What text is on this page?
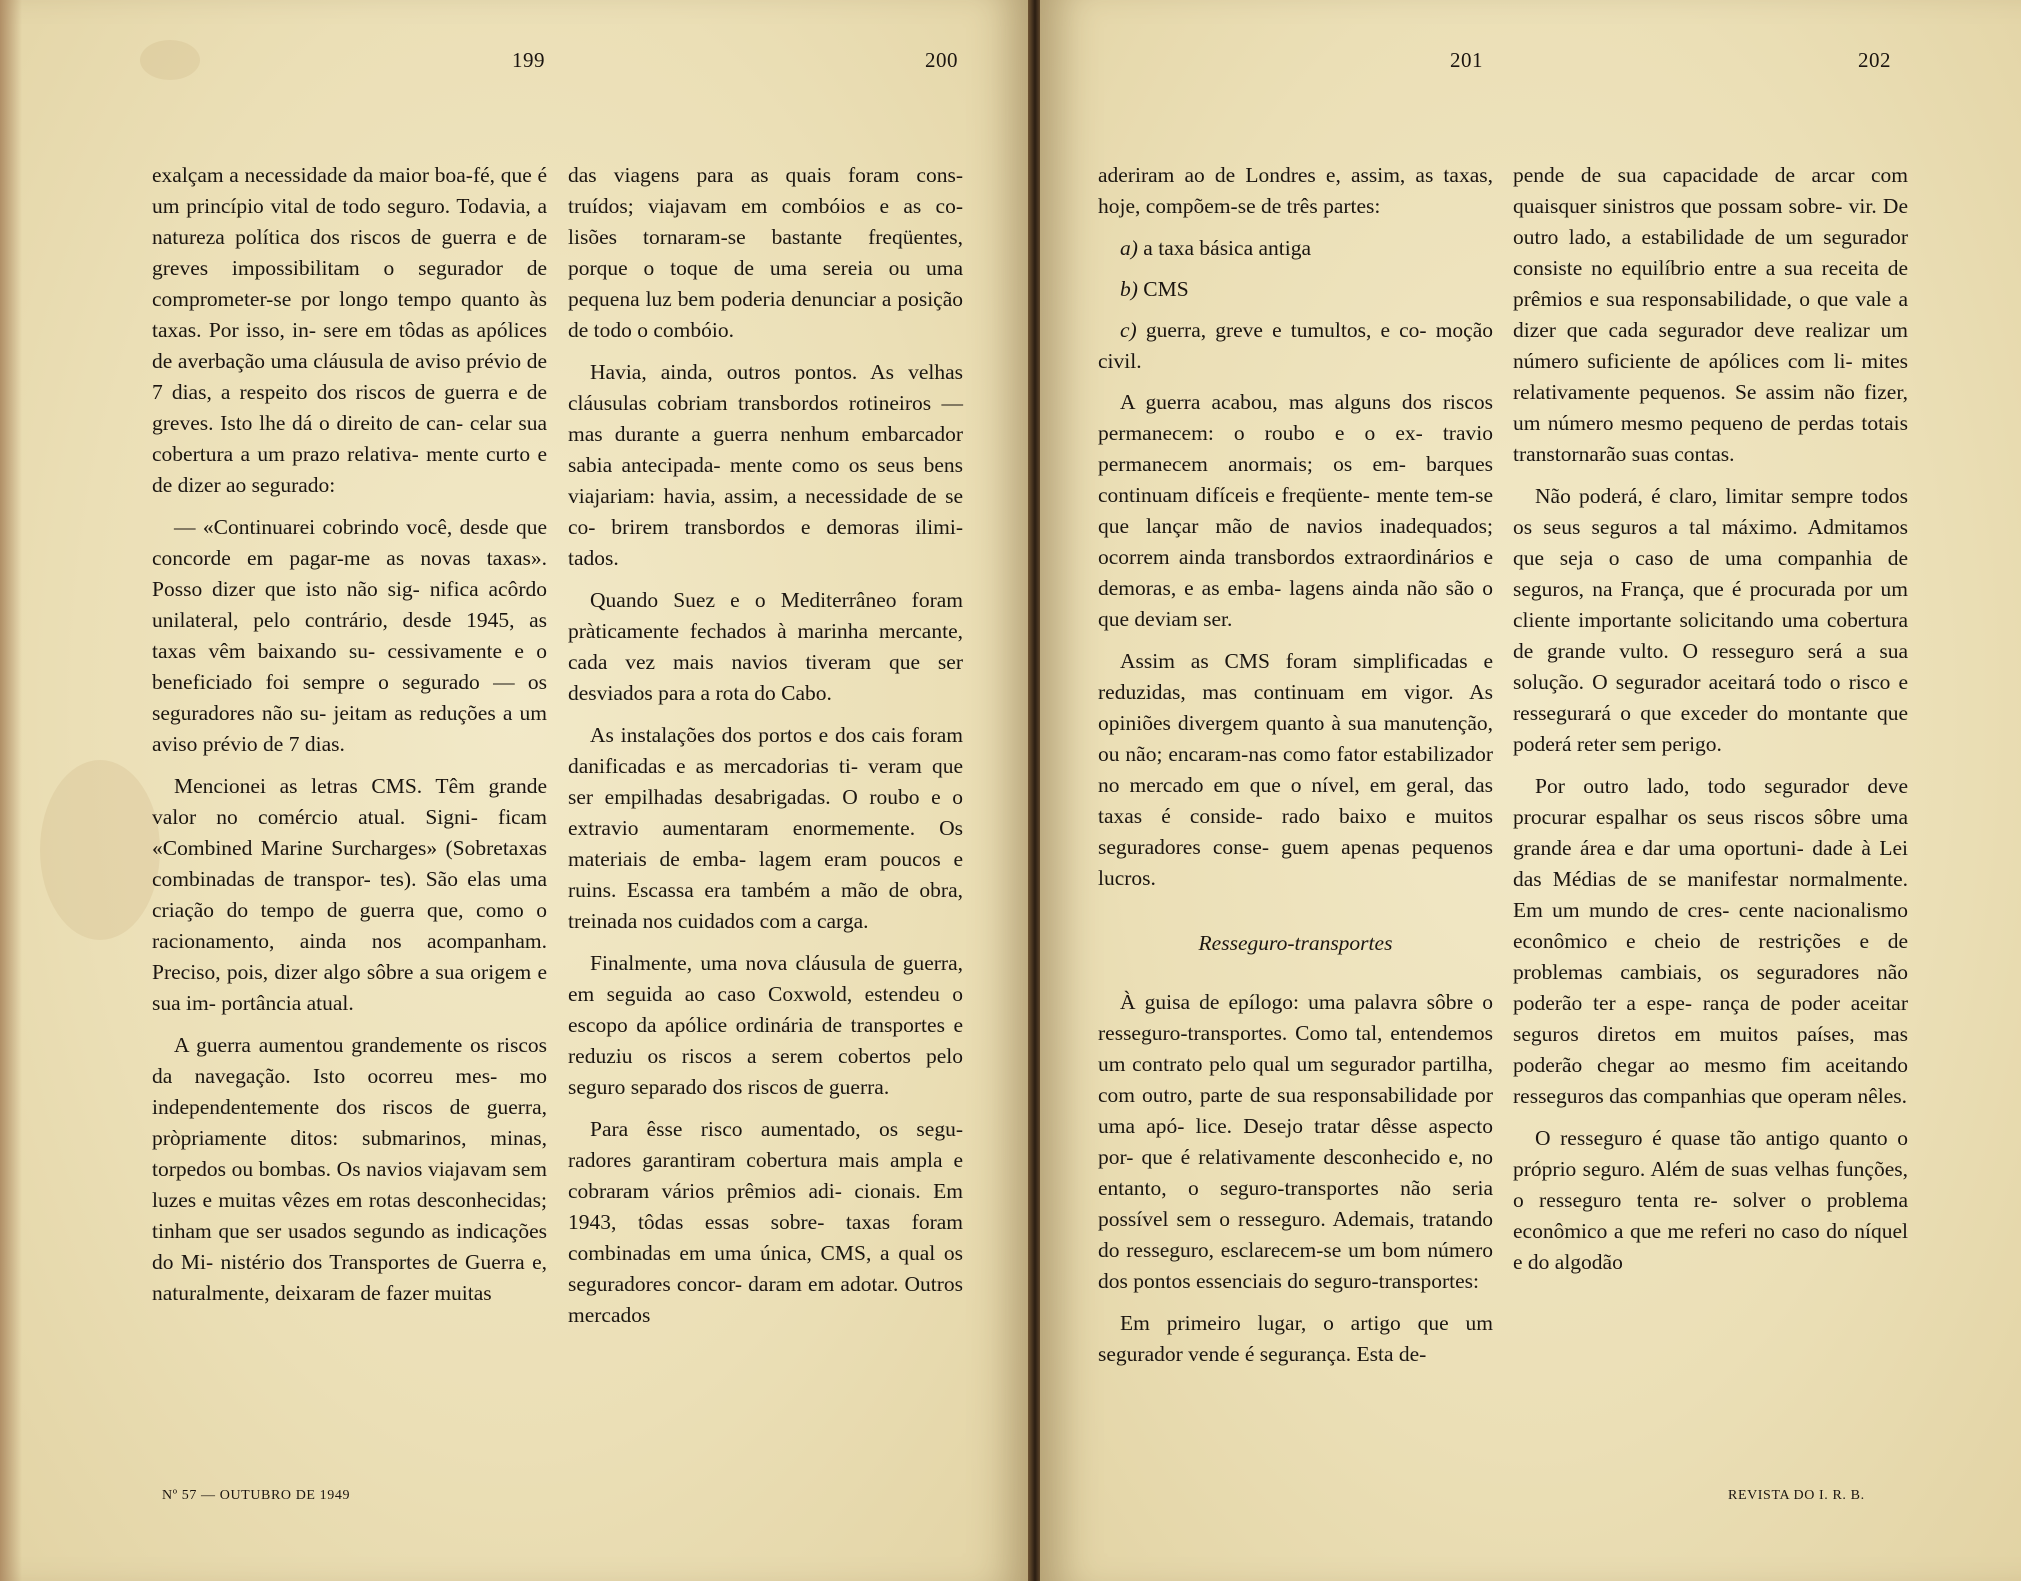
199	200

exalçam a necessidade da maior boa-fé, que é um princípio vital de todo seguro. Todavia, a natureza política dos riscos de guerra e de greves impossibilitam o segurador de comprometer-se por longo tempo quanto às taxas. Por isso, in- sere em tôdas as apólices de averbação uma cláusula de aviso prévio de 7 dias, a respeito dos riscos de guerra e de greves. Isto lhe dá o direito de can- celar sua cobertura a um prazo relativa- mente curto e de dizer ao segurado:

— «Continuarei cobrindo você, desde que concorde em pagar-me as novas taxas». Posso dizer que isto não sig- nifica acôrdo unilateral, pelo contrário, desde 1945, as taxas vêm baixando su- cessivamente e o beneficiado foi sempre o segurado — os seguradores não su- jeitam as reduções a um aviso prévio de 7 dias.

Mencionei as letras CMS. Têm grande valor no comércio atual. Signi- ficam «Combined Marine Surcharges» (Sobretaxas combinadas de transpor- tes). São elas uma criação do tempo de guerra que, como o racionamento, ainda nos acompanham. Preciso, pois, dizer algo sôbre a sua origem e sua im- portância atual.

A guerra aumentou grandemente os riscos da navegação. Isto ocorreu mes- mo independentemente dos riscos de guerra, pròpriamente ditos: submarinos, minas, torpedos ou bombas. Os navios viajavam sem luzes e muitas vêzes em rotas desconhecidas; tinham que ser usados segundo as indicações do Mi- nistério dos Transportes de Guerra e, naturalmente, deixaram de fazer muitas

das viagens para as quais foram cons- truídos; viajavam em combóios e as co- lisões tornaram-se bastante freqüentes, porque o toque de uma sereia ou uma pequena luz bem poderia denunciar a posição de todo o combóio.

Havia, ainda, outros pontos. As velhas cláusulas cobriam transbordos rotineiros — mas durante a guerra nenhum embarcador sabia antecipada- mente como os seus bens viajariam: havia, assim, a necessidade de se co- brirem transbordos e demoras ilimi- tados.

Quando Suez e o Mediterrâneo foram pràticamente fechados à marinha mercante, cada vez mais navios tiveram que ser desviados para a rota do Cabo.

As instalações dos portos e dos cais foram danificadas e as mercadorias ti- veram que ser empilhadas desabrigadas. O roubo e o extravio aumentaram enormemente. Os materiais de emba- lagem eram poucos e ruins. Escassa era também a mão de obra, treinada nos cuidados com a carga.

Finalmente, uma nova cláusula de guerra, em seguida ao caso Coxwold, estendeu o escopo da apólice ordinária de transportes e reduziu os riscos a serem cobertos pelo seguro separado dos riscos de guerra.

Para êsse risco aumentado, os segu- radores garantiram cobertura mais ampla e cobraram vários prêmios adi- cionais. Em 1943, tôdas essas sobre- taxas foram combinadas em uma única, CMS, a qual os seguradores concor- daram em adotar. Outros mercados

Nº 57 — OUTUBRO DE 1949
201	202

aderiram ao de Londres e, assim, as taxas, hoje, compõem-se de três partes:

a) a taxa básica antiga
b) CMS
c) guerra, greve e tumultos, e co- moção civil.

A guerra acabou, mas alguns dos riscos permanecem: o roubo e o ex- travio permanecem anormais; os em- barques continuam difíceis e freqüente- mente tem-se que lançar mão de navios inadequados; ocorrem ainda transbordos extraordinários e demoras, e as emba- lagens ainda não são o que deviam ser.

Assim as CMS foram simplificadas e reduzidas, mas continuam em vigor. As opiniões divergem quanto à sua manutenção, ou não; encaram-nas como fator estabilizador no mercado em que o nível, em geral, das taxas é conside- rado baixo e muitos seguradores conse- guem apenas pequenos lucros.

Resseguro-transportes

À guisa de epílogo: uma palavra sôbre o resseguro-transportes. Como tal, entendemos um contrato pelo qual um segurador partilha, com outro, parte de sua responsabilidade por uma apó- lice. Desejo tratar dêsse aspecto por- que é relativamente desconhecido e, no entanto, o seguro-transportes não seria possível sem o resseguro. Ademais, tratando do resseguro, esclarecem-se um bom número dos pontos essenciais do seguro-transportes:

Em primeiro lugar, o artigo que um segurador vende é segurança. Esta de-

pende de sua capacidade de arcar com quaisquer sinistros que possam sobre- vir. De outro lado, a estabilidade de um segurador consiste no equilíbrio entre a sua receita de prêmios e sua responsabilidade, o que vale a dizer que cada segurador deve realizar um número suficiente de apólices com li- mites relativamente pequenos. Se assim não fizer, um número mesmo pequeno de perdas totais transtornarão suas contas.

Não poderá, é claro, limitar sempre todos os seus seguros a tal máximo. Admitamos que seja o caso de uma companhia de seguros, na França, que é procurada por um cliente importante solicitando uma cobertura de grande vulto. O resseguro será a sua solução. O segurador aceitará todo o risco e ressegurará o que exceder do montante que poderá reter sem perigo.

Por outro lado, todo segurador deve procurar espalhar os seus riscos sôbre uma grande área e dar uma oportuni- dade à Lei das Médias de se manifestar normalmente. Em um mundo de cres- cente nacionalismo econômico e cheio de restrições e de problemas cambiais, os seguradores não poderão ter a espe- rança de poder aceitar seguros diretos em muitos países, mas poderão chegar ao mesmo fim aceitando resseguros das companhias que operam nêles.

O resseguro é quase tão antigo quanto o próprio seguro. Além de suas velhas funções, o resseguro tenta re- solver o problema econômico a que me referi no caso do níquel e do algodão

REVISTA DO I. R. B.
